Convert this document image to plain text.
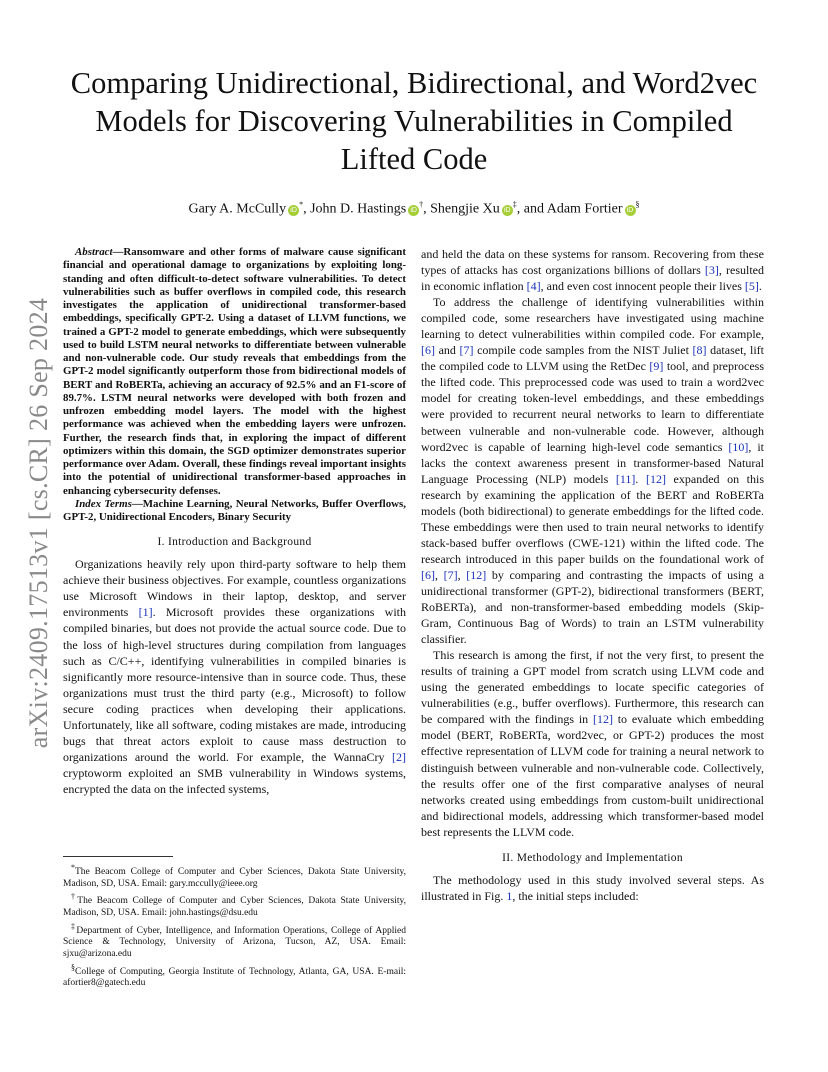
arXiv:2409.17513v1 [cs.CR] 26 Sep 2024
Comparing Unidirectional, Bidirectional, and Word2vec Models for Discovering Vulnerabilities in Compiled Lifted Code
Gary A. McCully iD*, John D. Hastings iD†, Shengjie Xu iD‡, and Adam Fortier iD§

Abstract—Ransomware and other forms of malware cause significant financial and operational damage to organizations by exploiting long-standing and often difficult-to-detect software vulnerabilities. To detect vulnerabilities such as buffer overflows in compiled code, this research investigates the application of unidirectional transformer-based embeddings, specifically GPT-2. Using a dataset of LLVM functions, we trained a GPT-2 model to generate embeddings, which were subsequently used to build LSTM neural networks to differentiate between vulnerable and non-vulnerable code. Our study reveals that embeddings from the GPT-2 model significantly outperform those from bidirectional models of BERT and RoBERTa, achieving an accuracy of 92.5% and an F1-score of 89.7%. LSTM neural networks were developed with both frozen and unfrozen embedding model layers. The model with the highest performance was achieved when the embedding layers were unfrozen. Further, the research finds that, in exploring the impact of different optimizers within this domain, the SGD optimizer demonstrates superior performance over Adam. Overall, these findings reveal important insights into the potential of unidirectional transformer-based approaches in enhancing cybersecurity defenses.

Index Terms—Machine Learning, Neural Networks, Buffer Overflows, GPT-2, Unidirectional Encoders, Binary Security

I. Introduction and Background

Organizations heavily rely upon third-party software to help them achieve their business objectives. For example, countless organizations use Microsoft Windows in their laptop, desktop, and server environments [1]. Microsoft provides these organizations with compiled binaries, but does not provide the actual source code. Due to the loss of high-level structures during compilation from languages such as C/C++, identifying vulnerabilities in compiled binaries is significantly more resource-intensive than in source code. Thus, these organizations must trust the third party (e.g., Microsoft) to follow secure coding practices when developing their applications. Unfortunately, like all software, coding mistakes are made, introducing bugs that threat actors exploit to cause mass destruction to organizations around the world. For example, the WannaCry [2] cryptoworm exploited an SMB vulnerability in Windows systems, encrypted the data on the infected systems,

*The Beacom College of Computer and Cyber Sciences, Dakota State University, Madison, SD, USA. Email: gary.mccully@ieee.org

†The Beacom College of Computer and Cyber Sciences, Dakota State University, Madison, SD, USA. Email: john.hastings@dsu.edu

‡Department of Cyber, Intelligence, and Information Operations, College of Applied Science & Technology, University of Arizona, Tucson, AZ, USA. Email: sjxu@arizona.edu

§College of Computing, Georgia Institute of Technology, Atlanta, GA, USA. E-mail: afortier8@gatech.edu

and held the data on these systems for ransom. Recovering from these types of attacks has cost organizations billions of dollars [3], resulted in economic inflation [4], and even cost innocent people their lives [5].

To address the challenge of identifying vulnerabilities within compiled code, some researchers have investigated using machine learning to detect vulnerabilities within compiled code. For example, [6] and [7] compile code samples from the NIST Juliet [8] dataset, lift the compiled code to LLVM using the RetDec [9] tool, and preprocess the lifted code. This preprocessed code was used to train a word2vec model for creating token-level embeddings, and these embeddings were provided to recurrent neural networks to learn to differentiate between vulnerable and non-vulnerable code. However, although word2vec is capable of learning high-level code semantics [10], it lacks the context awareness present in transformer-based Natural Language Processing (NLP) models [11]. [12] expanded on this research by examining the application of the BERT and RoBERTa models (both bidirectional) to generate embeddings for the lifted code. These embeddings were then used to train neural networks to identify stack-based buffer overflows (CWE-121) within the lifted code. The research introduced in this paper builds on the foundational work of [6], [7], [12] by comparing and contrasting the impacts of using a unidirectional transformer (GPT-2), bidirectional transformers (BERT, RoBERTa), and non-transformer-based embedding models (Skip-Gram, Continuous Bag of Words) to train an LSTM vulnerability classifier.

This research is among the first, if not the very first, to present the results of training a GPT model from scratch using LLVM code and using the generated embeddings to locate specific categories of vulnerabilities (e.g., buffer overflows). Furthermore, this research can be compared with the findings in [12] to evaluate which embedding model (BERT, RoBERTa, word2vec, or GPT-2) produces the most effective representation of LLVM code for training a neural network to distinguish between vulnerable and non-vulnerable code. Collectively, the results offer one of the first comparative analyses of neural networks created using embeddings from custom-built unidirectional and bidirectional models, addressing which transformer-based model best represents the LLVM code.

II. Methodology and Implementation

The methodology used in this study involved several steps. As illustrated in Fig. 1, the initial steps included:
